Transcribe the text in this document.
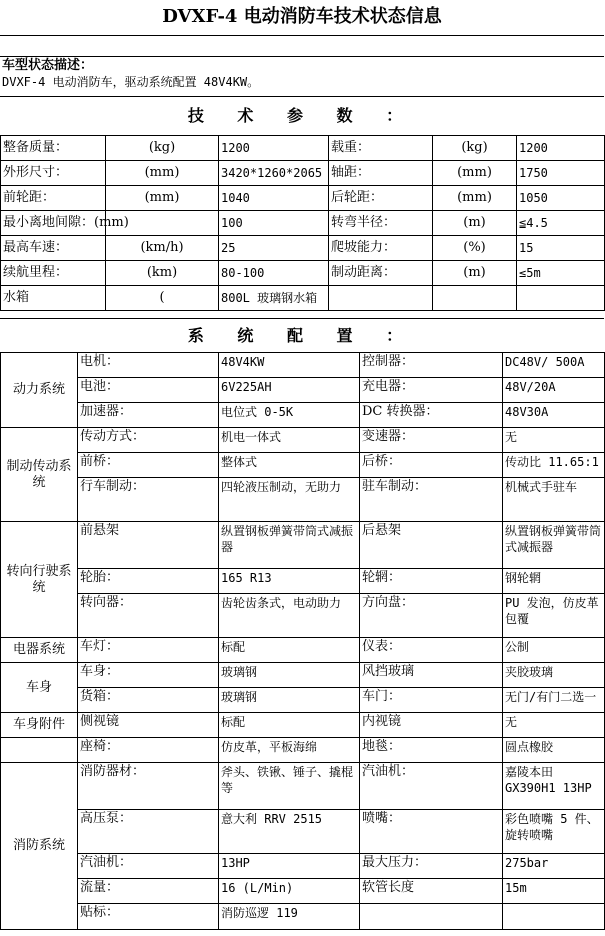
DVXF-4 电动消防车技术状态信息
车型状态描述：
DVXF-4 电动消防车，驱动系统配置 48V4KW。
技 术 参 数 ：
整备质量：	(kg)	1200	载重：	(kg)	1200
外形尺寸：	(mm)	3420*1260*2065	轴距：	(mm)	1750
前轮距：	(mm)	1040	后轮距：	(mm)	1050
最小离地间隙：(mm)		100	转弯半径：	(m)	≦4.5
最高车速：	(km/h)	25	爬坡能力：	(%)	15
续航里程：	(km)	80-100	制动距离：	(m)	≤5m
水箱	(	800L 玻璃钢水箱			
系 统 配 置 ：
动力系统	电机：	48V4KW	控制器：	DC48V/ 500A
	电池：	6V225AH	充电器：	48V/20A
	加速器：	电位式 0-5K	DC 转换器：	48V30A
制动传动系统	传动方式：	机电一体式	变速器：	无
	前桥：	整体式	后桥：	传动比 11.65:1
	行车制动：	四轮液压制动，无助力	驻车制动：	机械式手驻车
转向行驶系统	前悬架	纵置钢板弹簧带筒式减振器	后悬架	纵置钢板弹簧带筒式减振器
	轮胎：	165 R13	轮辋：	钢轮辋
	转向器：	齿轮齿条式，电动助力	方向盘：	PU 发泡，仿皮革包覆
电器系统	车灯：	标配	仪表：	公制
车身	车身：	玻璃钢	风挡玻璃	夹胶玻璃
	货箱：	玻璃钢	车门：	无门/有门二选一
车身附件	侧视镜	标配	内视镜	无
	座椅：	仿皮革，平板海绵	地毯：	圆点橡胶
消防系统	消防器材：	斧头、铁锹、锤子、撬棍等	汽油机：	嘉陵本田 GX390H1 13HP
	高压泵：	意大利 RRV 2515	喷嘴：	彩色喷嘴 5 件、旋转喷嘴
	汽油机：	13HP	最大压力：	275bar
	流量：	16 (L/Min)	软管长度	15m
	贴标：	消防巡逻 119		
